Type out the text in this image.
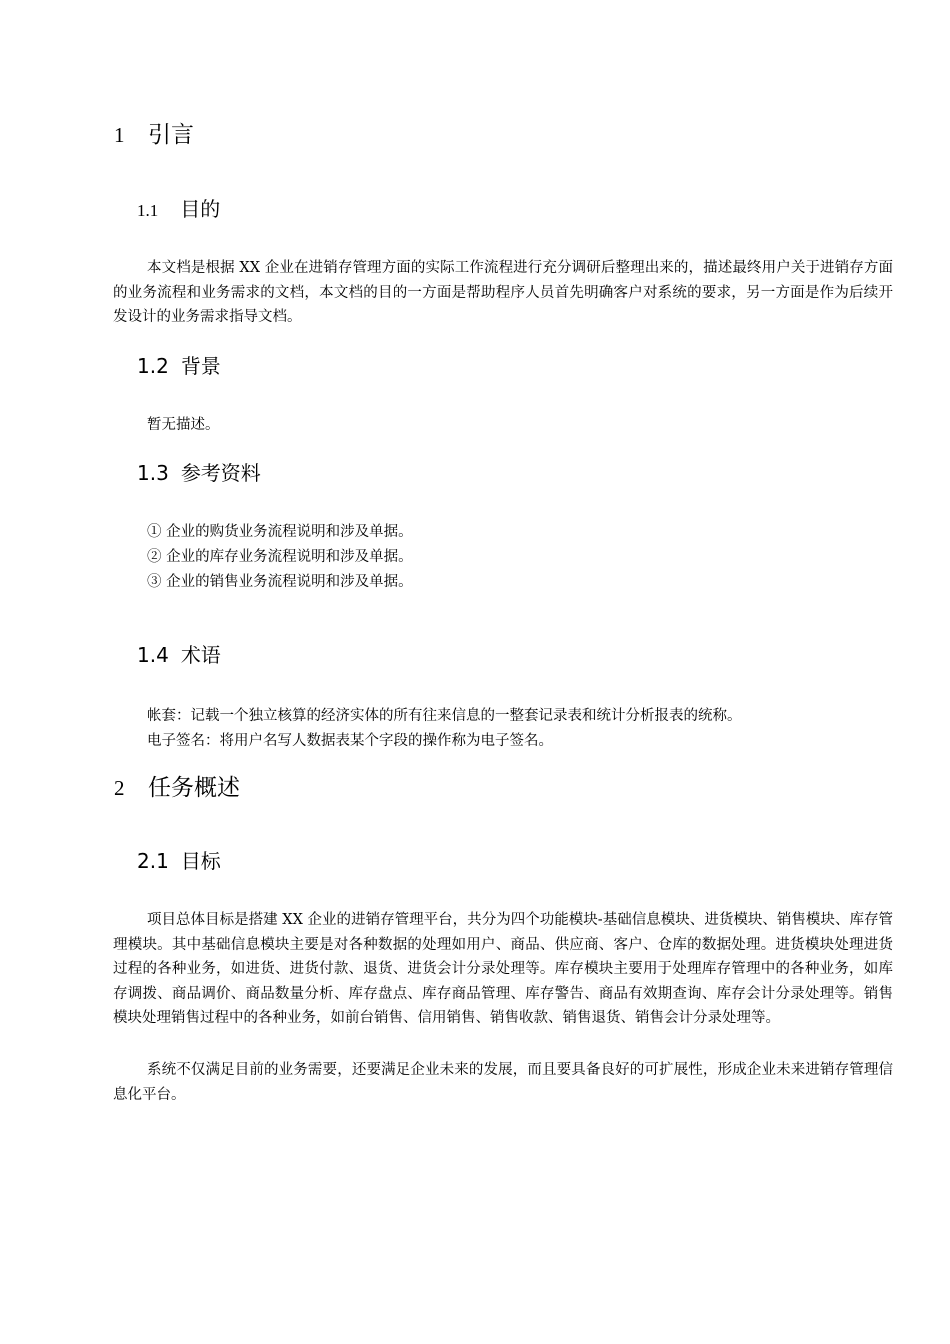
1 引言
1.1 目的
本文档是根据 XX 企业在进销存管理方面的实际工作流程进行充分调研后整理出来的，描述最终用户关于进销存方面的业务流程和业务需求的文档，本文档的目的一方面是帮助程序人员首先明确客户对系统的要求，另一方面是作为后续开发设计的业务需求指导文档。
1.2 背景
暂无描述。
1.3 参考资料
① 企业的购货业务流程说明和涉及单据。
② 企业的库存业务流程说明和涉及单据。
③ 企业的销售业务流程说明和涉及单据。
1.4 术语
帐套：记载一个独立核算的经济实体的所有往来信息的一整套记录表和统计分析报表的统称。
电子签名：将用户名写人数据表某个字段的操作称为电子签名。
2 任务概述
2.1 目标
项目总体目标是搭建 XX 企业的进销存管理平台，共分为四个功能模块-基础信息模块、进货模块、销售模块、库存管理模块。其中基础信息模块主要是对各种数据的处理如用户、商品、供应商、客户、仓库的数据处理。进货模块处理进货过程的各种业务，如进货、进货付款、退货、进货会计分录处理等。库存模块主要用于处理库存管理中的各种业务，如库存调拨、商品调价、商品数量分析、库存盘点、库存商品管理、库存警告、商品有效期查询、库存会计分录处理等。销售模块处理销售过程中的各种业务，如前台销售、信用销售、销售收款、销售退货、销售会计分录处理等。
系统不仅满足目前的业务需要，还要满足企业未来的发展，而且要具备良好的可扩展性，形成企业未来进销存管理信息化平台。
